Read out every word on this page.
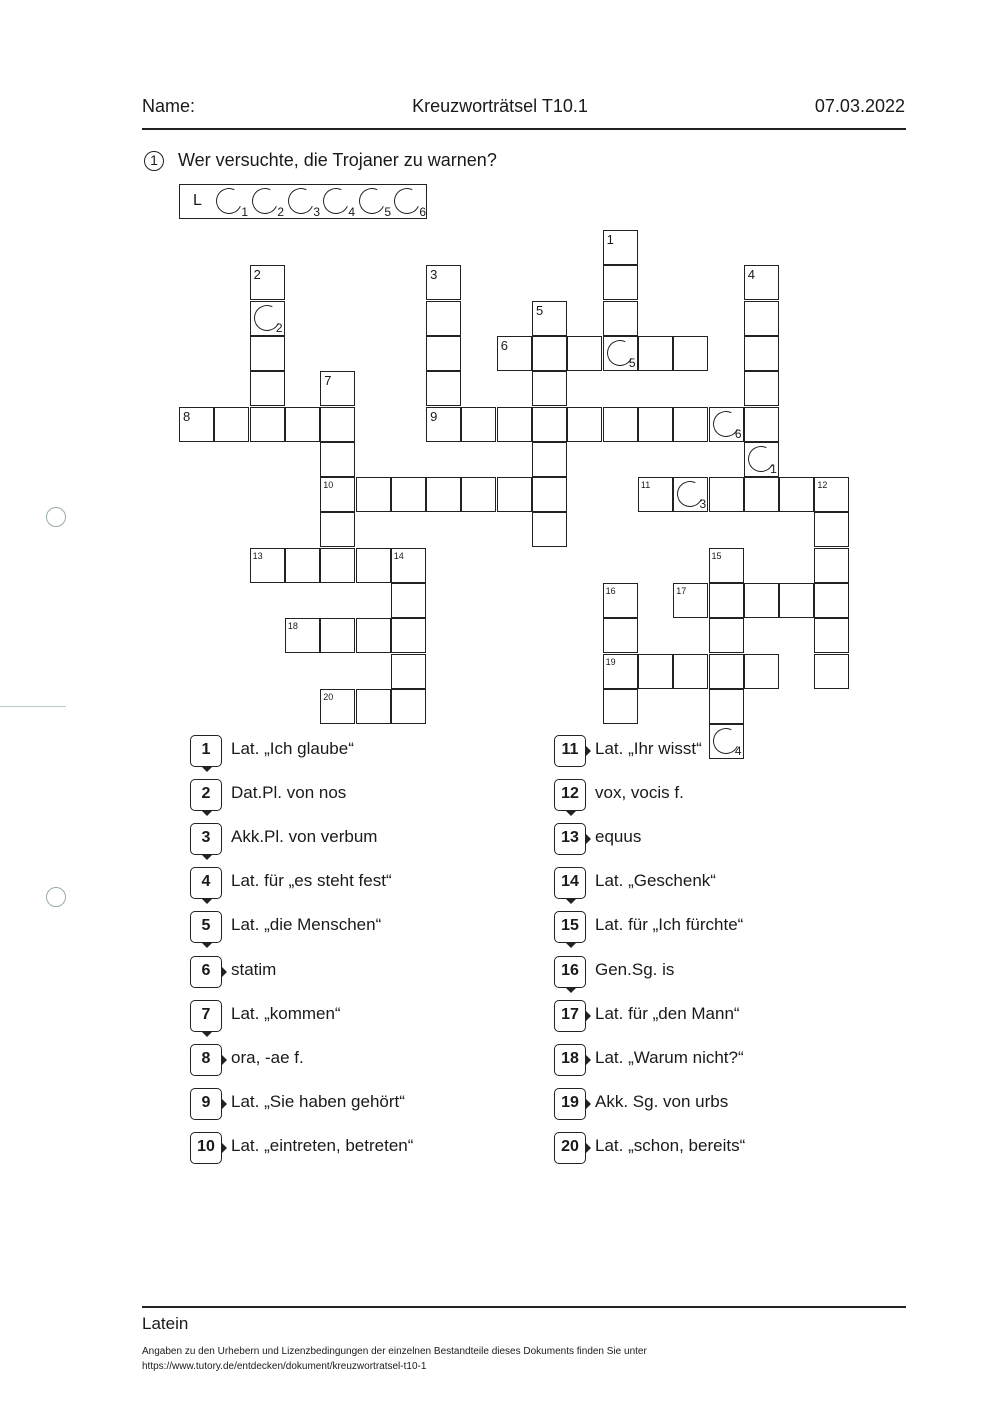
Name:	Kreuzworträtsel T10.1	07.03.2022
1	Wer versuchte, die Trojaner zu warnen?
L
1 2 3 4 5 6
1
5
2
2
3
9
4
1
5
6
7
10
8
6
11
3
12
13	14	15
16
19
17
18
20
4
1	Lat. „Ich glaube“
2	Dat.Pl. von nos
3	Akk.Pl. von verbum
4	Lat. für „es steht fest“
5	Lat. „die Menschen“
6	statim
7	Lat. „kommen“
8	ora, -ae f.
9	Lat. „Sie haben gehört“
10 Lat. „eintreten, betreten“
11 Lat. „Ihr wisst“
12 vox, vocis f.
13 equus
14 Lat. „Geschenk“
15 Lat. für „Ich fürchte“
16 Gen.Sg. is
17 Lat. für „den Mann“
18 Lat. „Warum nicht?“
19 Akk. Sg. von urbs
20 Lat. „schon, bereits“
Latein
Angaben zu den Urhebern und Lizenzbedingungen der einzelnen Bestandteile dieses Dokuments finden Sie unter
https://www.tutory.de/entdecken/dokument/kreuzwortratsel-t10-1
